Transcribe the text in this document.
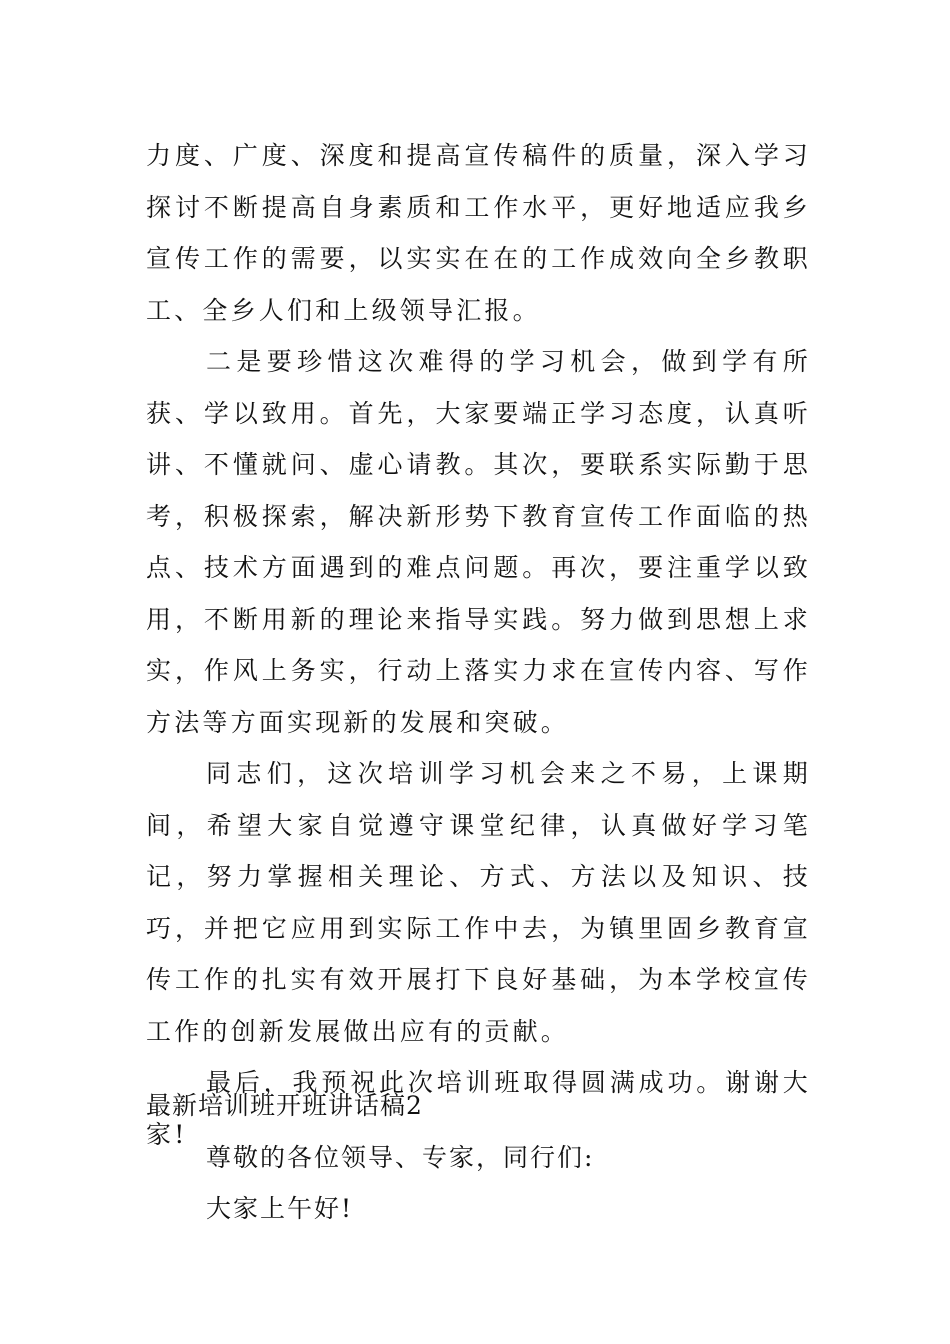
力度、广度、深度和提高宣传稿件的质量，深入学习探讨不断提高自身素质和工作水平，更好地适应我乡宣传工作的需要，以实实在在的工作成效向全乡教职工、全乡人们和上级领导汇报。

二是要珍惜这次难得的学习机会，做到学有所获、学以致用。首先，大家要端正学习态度，认真听讲、不懂就问、虚心请教。其次，要联系实际勤于思考，积极探索，解决新形势下教育宣传工作面临的热点、技术方面遇到的难点问题。再次，要注重学以致用，不断用新的理论来指导实践。努力做到思想上求实，作风上务实，行动上落实力求在宣传内容、写作方法等方面实现新的发展和突破。

同志们，这次培训学习机会来之不易，上课期间，希望大家自觉遵守课堂纪律，认真做好学习笔记，努力掌握相关理论、方式、方法以及知识、技巧，并把它应用到实际工作中去，为镇里固乡教育宣传工作的扎实有效开展打下良好基础，为本学校宣传工作的创新发展做出应有的贡献。

最后，我预祝此次培训班取得圆满成功。谢谢大家!

最新培训班开班讲话稿2

尊敬的各位领导、专家，同行们:

大家上午好!
